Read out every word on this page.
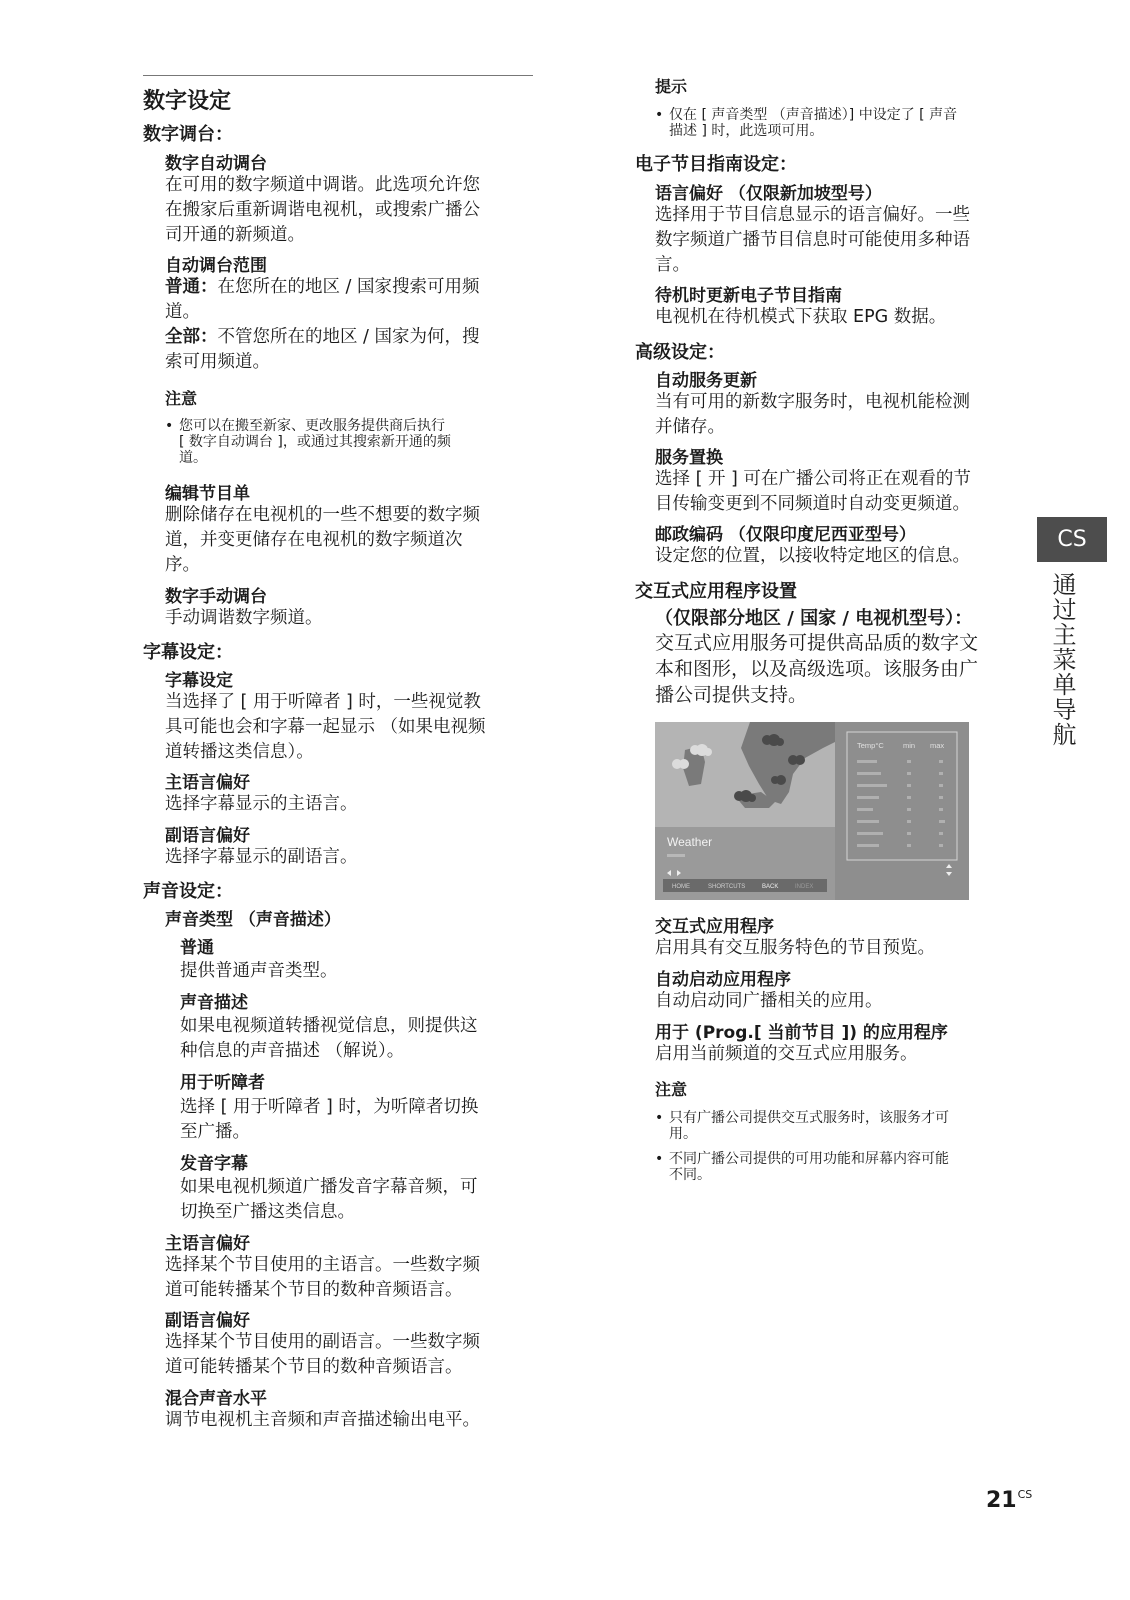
数字设定
数字调台：
数字自动调台
在可用的数字频道中调谐。此选项允许您
在搬家后重新调谐电视机，或搜索广播公
司开通的新频道。
自动调台范围
普通：在您所在的地区 / 国家搜索可用频
道。
全部：不管您所在的地区 / 国家为何，搜
索可用频道。
注意
• 您可以在搬至新家、更改服务提供商后执行
[ 数字自动调台 ]，或通过其搜索新开通的频
道。
编辑节目单
删除储存在电视机的一些不想要的数字频
道，并变更储存在电视机的数字频道次
序。
数字手动调台
手动调谐数字频道。
字幕设定：
字幕设定
当选择了 [ 用于听障者 ] 时，一些视觉教
具可能也会和字幕一起显示 （如果电视频
道转播这类信息）。
主语言偏好
选择字幕显示的主语言。
副语言偏好
选择字幕显示的副语言。
声音设定：
声音类型 （声音描述）
普通
提供普通声音类型。
声音描述
如果电视频道转播视觉信息，则提供这
种信息的声音描述 （解说）。
用于听障者
选择 [ 用于听障者 ] 时，为听障者切换
至广播。
发音字幕
如果电视机频道广播发音字幕音频，可
切换至广播这类信息。
主语言偏好
选择某个节目使用的主语言。一些数字频
道可能转播某个节目的数种音频语言。
副语言偏好
选择某个节目使用的副语言。一些数字频
道可能转播某个节目的数种音频语言。
混合声音水平
调节电视机主音频和声音描述输出电平。
提示
• 仅在 [ 声音类型 （声音描述）] 中设定了 [ 声音
描述 ] 时，此选项可用。
电子节目指南设定：
语言偏好 （仅限新加坡型号）
选择用于节目信息显示的语言偏好。一些
数字频道广播节目信息时可能使用多种语
言。
待机时更新电子节目指南
电视机在待机模式下获取 EPG 数据。
高级设定：
自动服务更新
当有可用的新数字服务时，电视机能检测
并储存。
服务置换
选择 [ 开 ] 可在广播公司将正在观看的节
目传输变更到不同频道时自动变更频道。
邮政编码 （仅限印度尼西亚型号）
设定您的位置，以接收特定地区的信息。
交互式应用程序设置
（仅限部分地区 / 国家 / 电视机型号）：
交互式应用服务可提供高品质的数字文
本和图形，以及高级选项。该服务由广
播公司提供支持。
交互式应用程序
启用具有交互服务特色的节目预览。
自动启动应用程序
自动启动同广播相关的应用。
用于 (Prog.[ 当前节目 ]) 的应用程序
启用当前频道的交互式应用服务。
注意
• 只有广播公司提供交互式服务时，该服务才可
用。
• 不同广播公司提供的可用功能和屏幕内容可能
不同。
Temp°C	min max
Weather
HOME	SHORTCUTS	BACK	INDEX
CS
通过主菜单导航
$21^{CS}$
